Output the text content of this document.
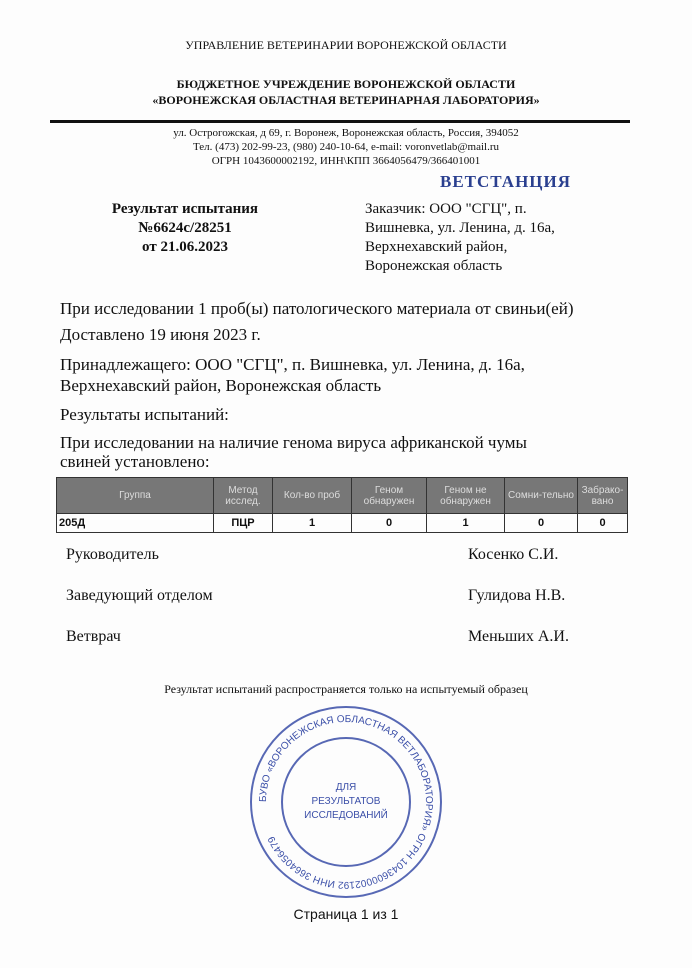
УПРАВЛЕНИЕ ВЕТЕРИНАРИИ ВОРОНЕЖСКОЙ ОБЛАСТИ
БЮДЖЕТНОЕ УЧРЕЖДЕНИЕ ВОРОНЕЖСКОЙ ОБЛАСТИ
«ВОРОНЕЖСКАЯ ОБЛАСТНАЯ ВЕТЕРИНАРНАЯ ЛАБОРАТОРИЯ»
ул. Острогожская, д 69, г. Воронеж, Воронежская область, Россия, 394052
Тел. (473) 202-99-23, (980) 240-10-64, e-mail: voronvetlab@mail.ru
ОГРН 1043600002192, ИНН\КПП 3664056479/366401001
ВЕТСТАНЦИЯ
Результат испытания
№6624с/28251
от 21.06.2023
Заказчик: ООО "СГЦ", п.
Вишневка, ул. Ленина, д. 16а,
Верхнехавский район,
Воронежская область
При исследовании 1 проб(ы) патологического материала от свиньи(ей)
Доставлено 19 июня 2023 г.
Принадлежащего: ООО "СГЦ", п. Вишневка, ул. Ленина, д. 16а, Верхнехавский район, Воронежская область
Результаты испытаний:
При исследовании на наличие генома вируса африканской чумы свиней установлено:
Группа	Метод исслед.	Кол-во проб	Геном обнаружен	Геном не обнаружен	Сомни-тельно	Забрако-вано
205Д	ПЦР	1	0	1	0	0
Руководитель	Косенко С.И.
Заведующий отделом	Гулидова Н.В.
Ветврач	Меньших А.И.
Результат испытаний распространяется только на испытуемый образец
БУВО «ВОРОНЕЖСКАЯ ОБЛАСТНАЯ ВЕТЛАБОРАТОРИЯ» ОГРН 1043600002192 ИНН 3664056479
ДЛЯ
РЕЗУЛЬТАТОВ
ИССЛЕДОВАНИЙ
Страница 1 из 1
